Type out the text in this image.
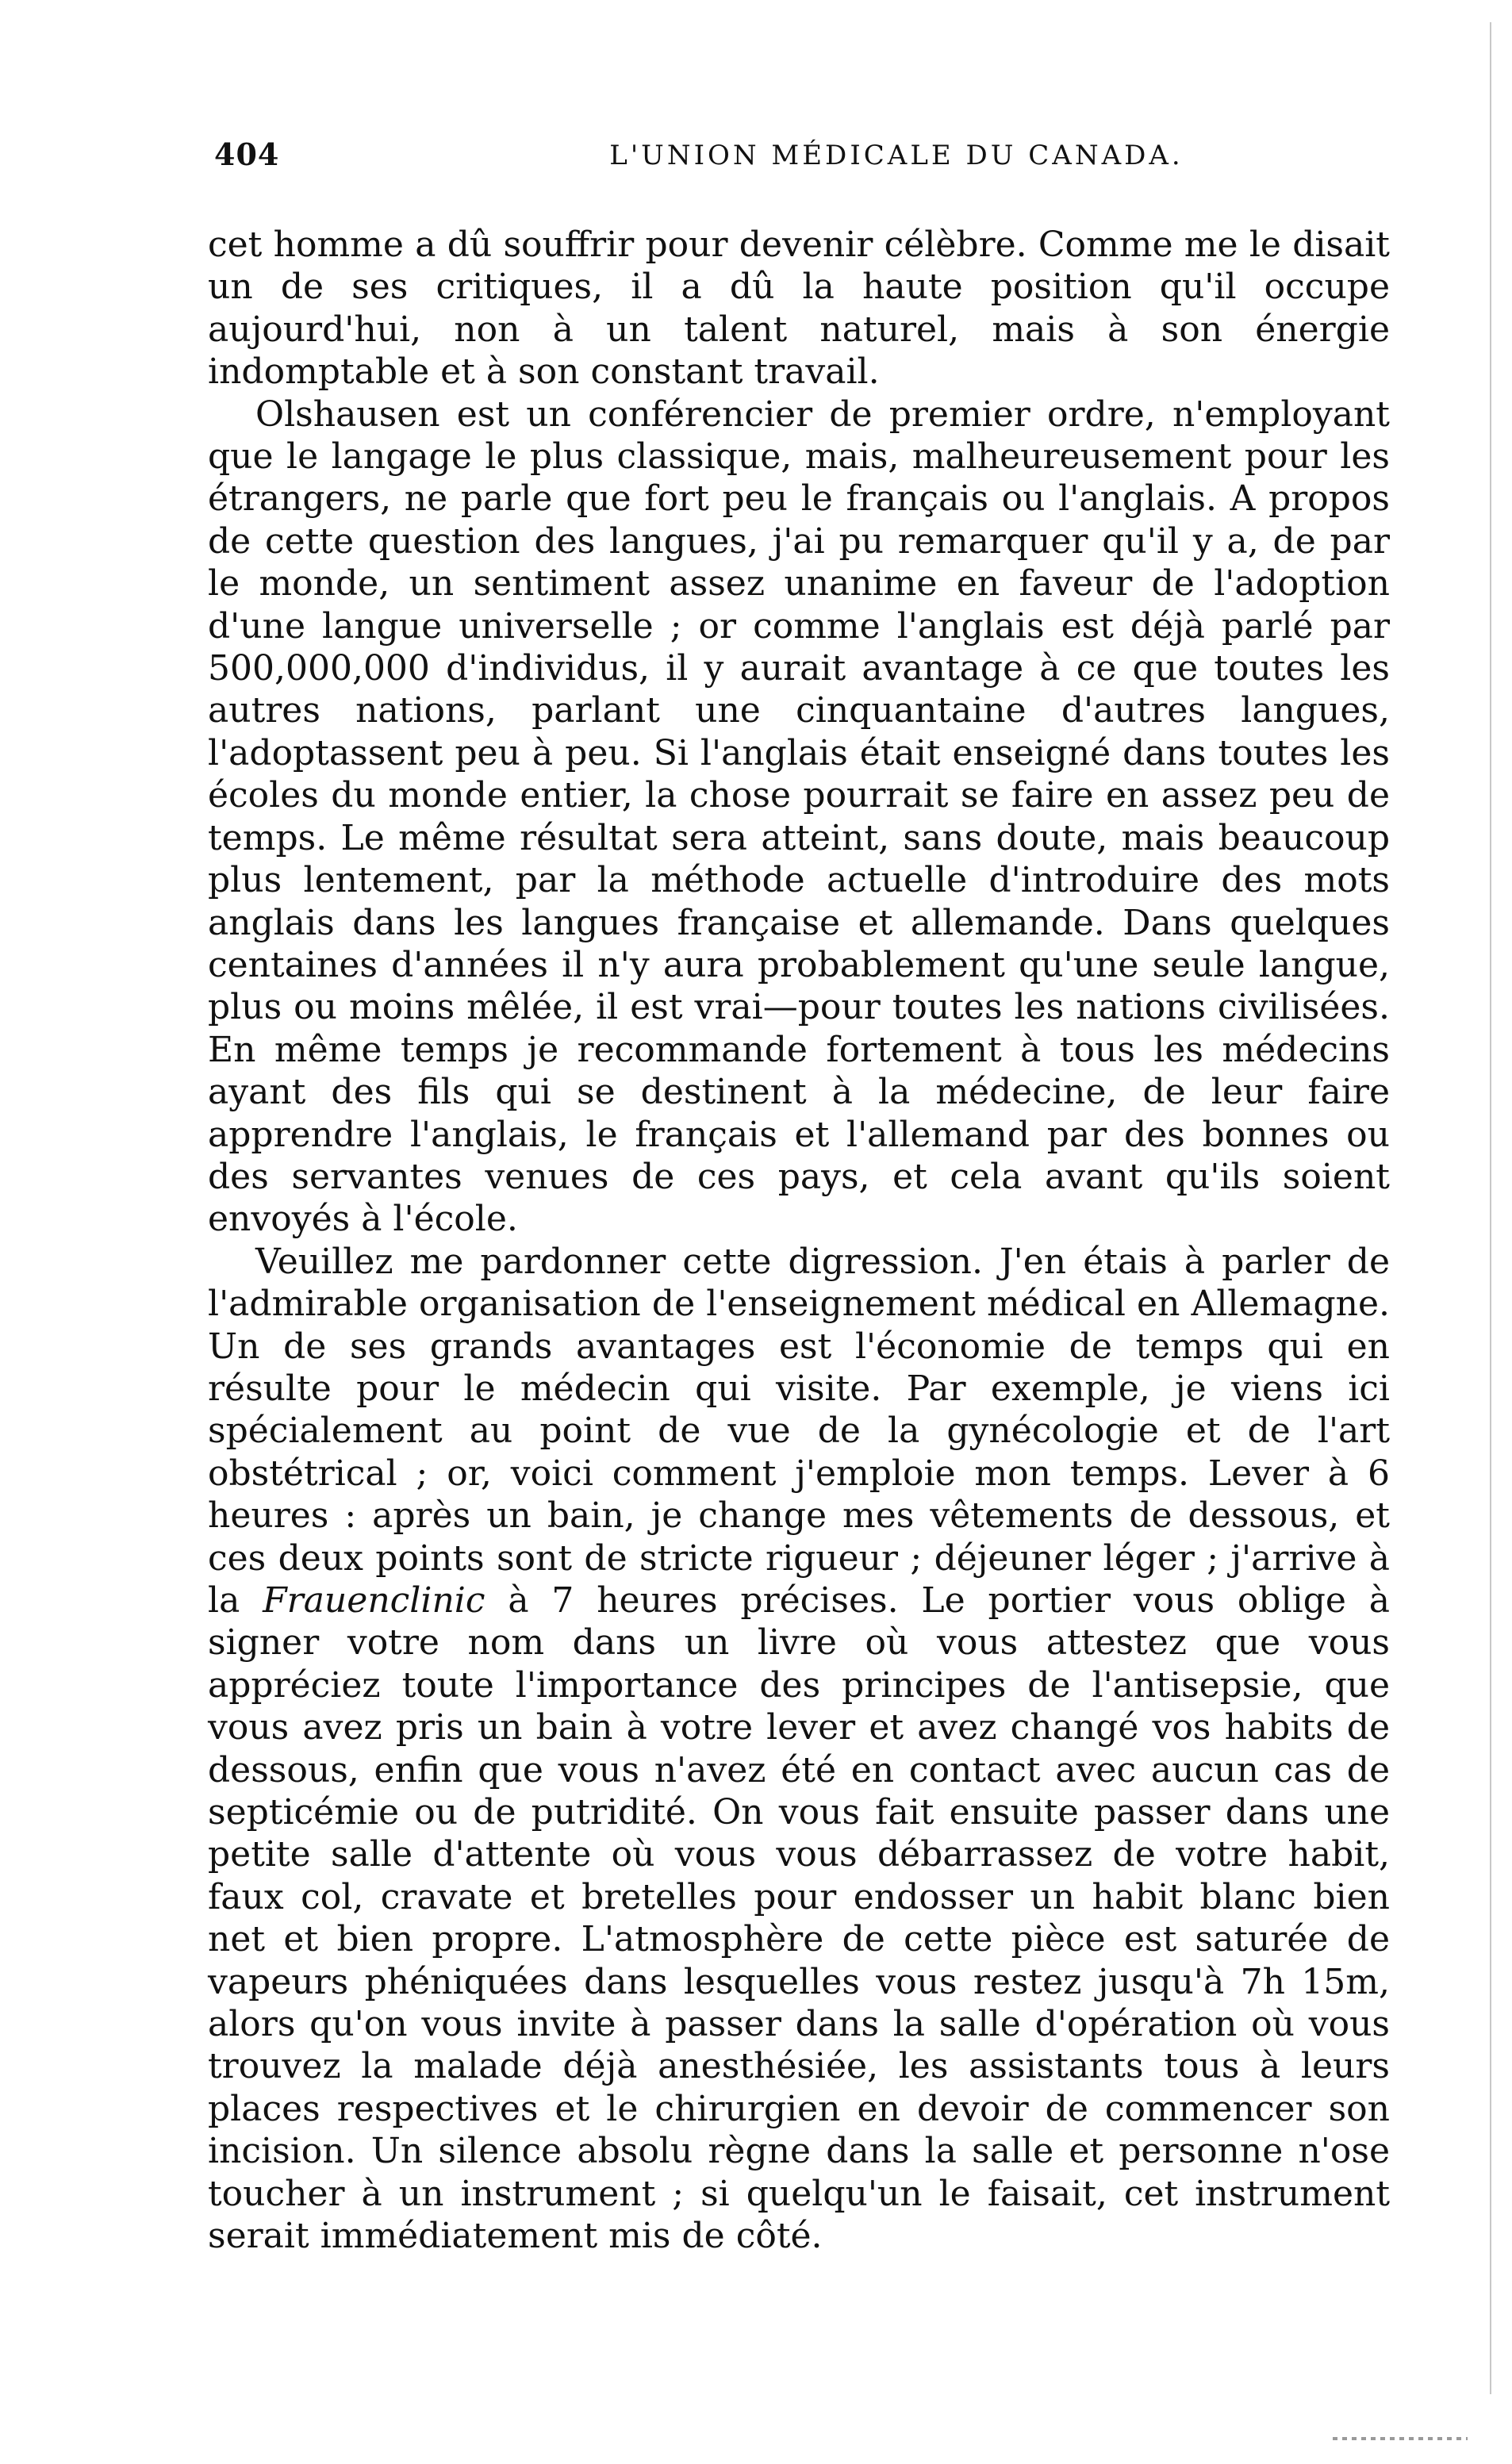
404	L'UNION MÉDICALE DU CANADA.

cet homme a dû souffrir pour devenir célèbre. Comme me le disait un de ses critiques, il a dû la haute position qu'il occupe aujourd'hui, non à un talent naturel, mais à son énergie indomptable et à son constant travail.

Olshausen est un conférencier de premier ordre, n'employant que le langage le plus classique, mais, malheureusement pour les étrangers, ne parle que fort peu le français ou l'anglais. A propos de cette question des langues, j'ai pu remarquer qu'il y a, de par le monde, un sentiment assez unanime en faveur de l'adoption d'une langue universelle ; or comme l'anglais est déjà parlé par 500,000,000 d'individus, il y aurait avantage à ce que toutes les autres nations, parlant une cinquantaine d'autres langues, l'adoptassent peu à peu. Si l'anglais était enseigné dans toutes les écoles du monde entier, la chose pourrait se faire en assez peu de temps. Le même résultat sera atteint, sans doute, mais beaucoup plus lentement, par la méthode actuelle d'introduire des mots anglais dans les langues française et allemande. Dans quelques centaines d'années il n'y aura probablement qu'une seule langue, plus ou moins mêlée, il est vrai—pour toutes les nations civilisées. En même temps je recommande fortement à tous les médecins ayant des fils qui se destinent à la médecine, de leur faire apprendre l'anglais, le français et l'allemand par des bonnes ou des servantes venues de ces pays, et cela avant qu'ils soient envoyés à l'école.

Veuillez me pardonner cette digression. J'en étais à parler de l'admirable organisation de l'enseignement médical en Allemagne. Un de ses grands avantages est l'économie de temps qui en résulte pour le médecin qui visite. Par exemple, je viens ici spécialement au point de vue de la gynécologie et de l'art obstétrical ; or, voici comment j'emploie mon temps. Lever à 6 heures : après un bain, je change mes vêtements de dessous, et ces deux points sont de stricte rigueur ; déjeuner léger ; j'arrive à la Frauenclinic à 7 heures précises. Le portier vous oblige à signer votre nom dans un livre où vous attestez que vous appréciez toute l'importance des principes de l'antisepsie, que vous avez pris un bain à votre lever et avez changé vos habits de dessous, enfin que vous n'avez été en contact avec aucun cas de septicémie ou de putridité. On vous fait ensuite passer dans une petite salle d'attente où vous vous débarrassez de votre habit, faux col, cravate et bretelles pour endosser un habit blanc bien net et bien propre. L'atmosphère de cette pièce est saturée de vapeurs phéniquées dans lesquelles vous restez jusqu'à 7h 15m, alors qu'on vous invite à passer dans la salle d'opération où vous trouvez la malade déjà anesthésiée, les assistants tous à leurs places respectives et le chirurgien en devoir de commencer son incision. Un silence absolu règne dans la salle et personne n'ose toucher à un instrument ; si quelqu'un le faisait, cet instrument serait immédiatement mis de côté.
